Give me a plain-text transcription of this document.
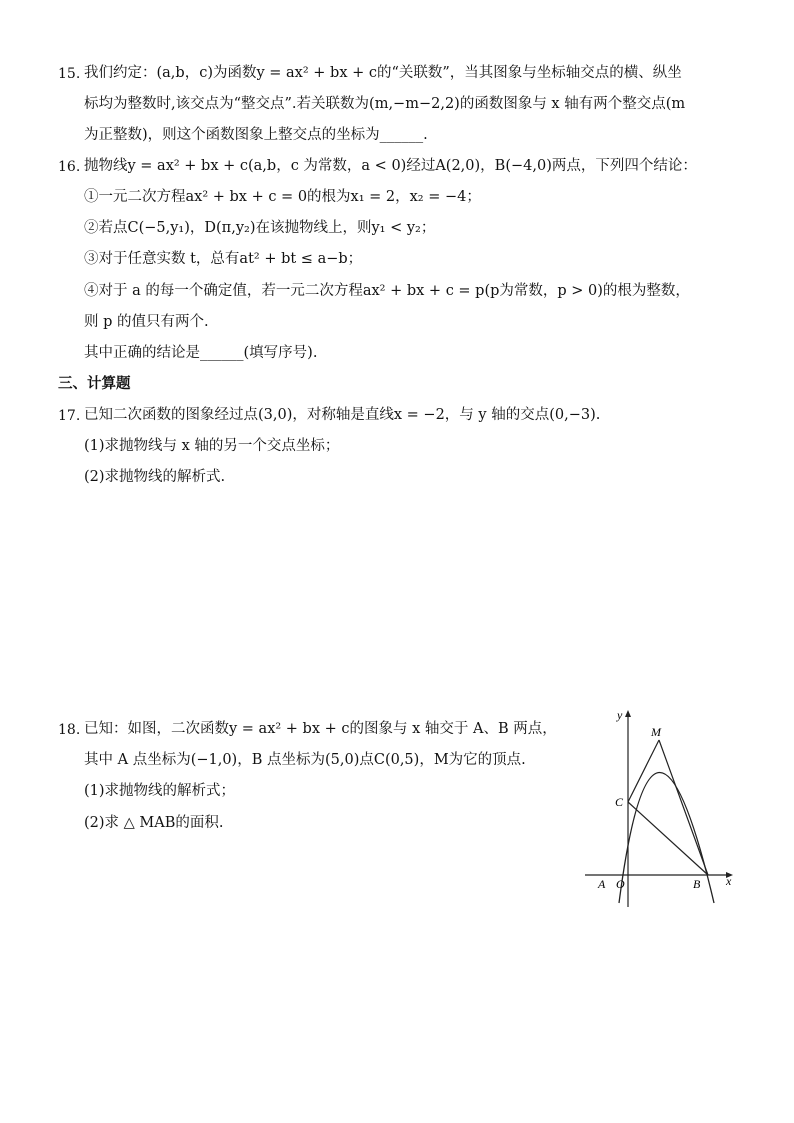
15. 我们约定：(a,b，c)为函数y = ax² + bx + c的“关联数”，当其图象与坐标轴交点的横、纵坐
标均为整数时,该交点为“整交点”.若关联数为(m,−m−2,2)的函数图象与 x 轴有两个整交点(m
为正整数)，则这个函数图象上整交点的坐标为______.
16. 抛物线y = ax² + bx + c(a,b，c 为常数，a < 0)经过A(2,0)，B(−4,0)两点，下列四个结论：
①一元二次方程ax² + bx + c = 0的根为x₁ = 2，x₂ = −4；
②若点C(−5,y₁)，D(π,y₂)在该抛物线上，则y₁ < y₂；
③对于任意实数 t，总有at² + bt ≤ a−b；
④对于 a 的每一个确定值，若一元二次方程ax² + bx + c = p(p为常数，p > 0)的根为整数，
则 p 的值只有两个.
其中正确的结论是______(填写序号).
三、计算题
17. 已知二次函数的图象经过点(3,0)，对称轴是直线x = −2，与 y 轴的交点(0,−3).
(1)求抛物线与 x 轴的另一个交点坐标；
(2)求抛物线的解析式.
18. 已知：如图，二次函数y = ax² + bx + c的图象与 x 轴交于 A、B 两点，
其中 A 点坐标为(−1,0)，B 点坐标为(5,0)点C(0,5)，M为它的顶点.
(1)求抛物线的解析式；
(2)求 △ MAB的面积.
y
x
M
C
A O	B
